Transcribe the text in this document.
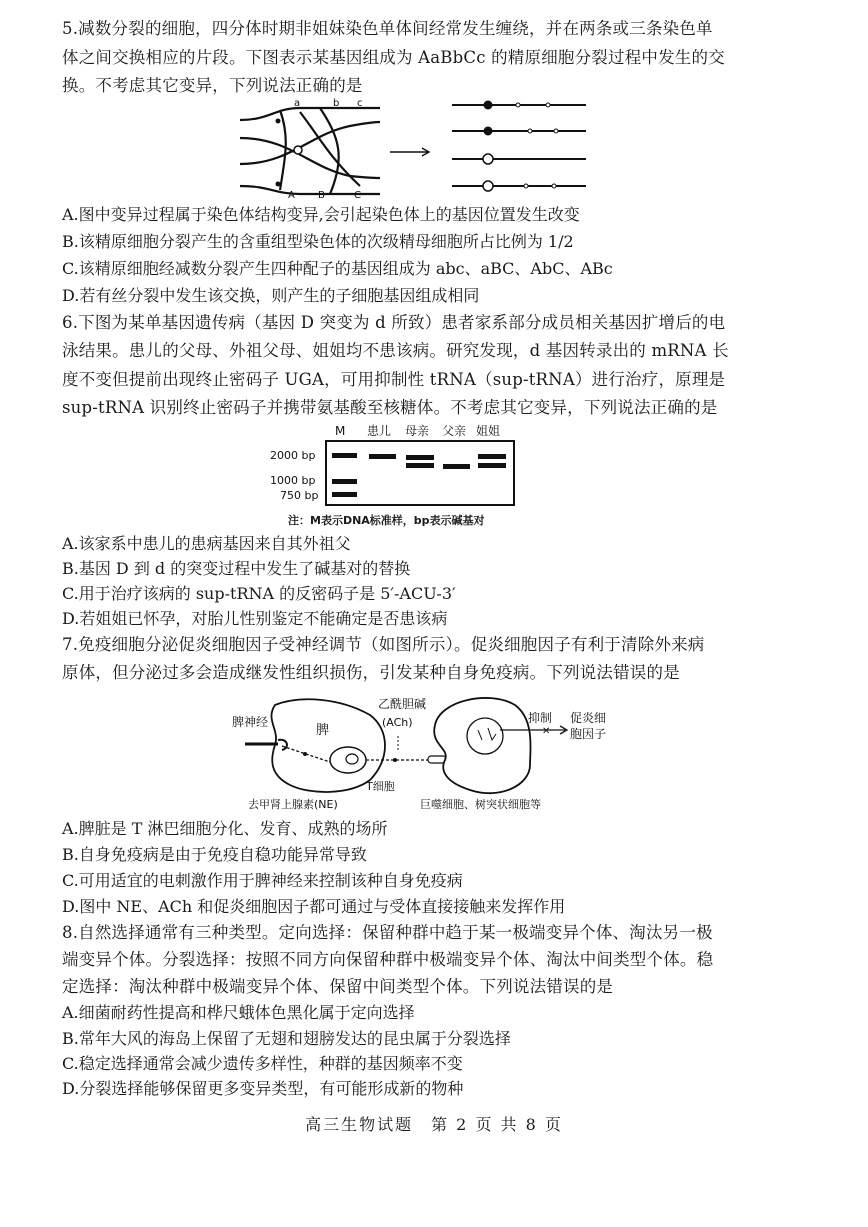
5.减数分裂的细胞，四分体时期非姐妹染色单体间经常发生缠绕，并在两条或三条染色单
体之间交换相应的片段。下图表示某基因组成为 AaBbCc 的精原细胞分裂过程中发生的交
换。不考虑其它变异，下列说法正确的是
a	b c
A B	C
A.图中变异过程属于染色体结构变异,会引起染色体上的基因位置发生改变
B.该精原细胞分裂产生的含重组型染色体的次级精母细胞所占比例为 1/2
C.该精原细胞经减数分裂产生四种配子的基因组成为 abc、aBC、AbC、ABc
D.若有丝分裂中发生该交换，则产生的子细胞基因组成相同
6.下图为某单基因遗传病（基因 D 突变为 d 所致）患者家系部分成员相关基因扩增后的电
泳结果。患儿的父母、外祖父母、姐姐均不患该病。研究发现，d 基因转录出的 mRNA 长
度不变但提前出现终止密码子 UGA，可用抑制性 tRNA（sup-tRNA）进行治疗，原理是
sup-tRNA 识别终止密码子并携带氨基酸至核糖体。不考虑其它变异，下列说法正确的是
M 患儿 母亲 父亲 姐姐
2000 bp
1000 bp
750 bp
注：M表示DNA标准样，bp表示碱基对
A.该家系中患儿的患病基因来自其外祖父
B.基因 D 到 d 的突变过程中发生了碱基对的替换
C.用于治疗该病的 sup-tRNA 的反密码子是 5′-ACU-3′
D.若姐姐已怀孕，对胎儿性别鉴定不能确定是否患该病
7.免疫细胞分泌促炎细胞因子受神经调节（如图所示）。促炎细胞因子有利于清除外来病
原体，但分泌过多会造成继发性组织损伤，引发某种自身免疫病。下列说法错误的是
✕
脾神经
脾
乙酰胆碱
(ACh)	抑制 促炎细
胞因子
T细胞
去甲肾上腺素(NE)	巨噬细胞、树突状细胞等
A.脾脏是 T 淋巴细胞分化、发育、成熟的场所
B.自身免疫病是由于免疫自稳功能异常导致
C.可用适宜的电刺激作用于脾神经来控制该种自身免疫病
D.图中 NE、ACh 和促炎细胞因子都可通过与受体直接接触来发挥作用
8.自然选择通常有三种类型。定向选择：保留种群中趋于某一极端变异个体、淘汰另一极
端变异个体。分裂选择：按照不同方向保留种群中极端变异个体、淘汰中间类型个体。稳
定选择：淘汰种群中极端变异个体、保留中间类型个体。下列说法错误的是
A.细菌耐药性提高和桦尺蛾体色黑化属于定向选择
B.常年大风的海岛上保留了无翅和翅膀发达的昆虫属于分裂选择
C.稳定选择通常会减少遗传多样性，种群的基因频率不变
D.分裂选择能够保留更多变异类型，有可能形成新的物种
高三生物试题　第 2 页 共 8 页
